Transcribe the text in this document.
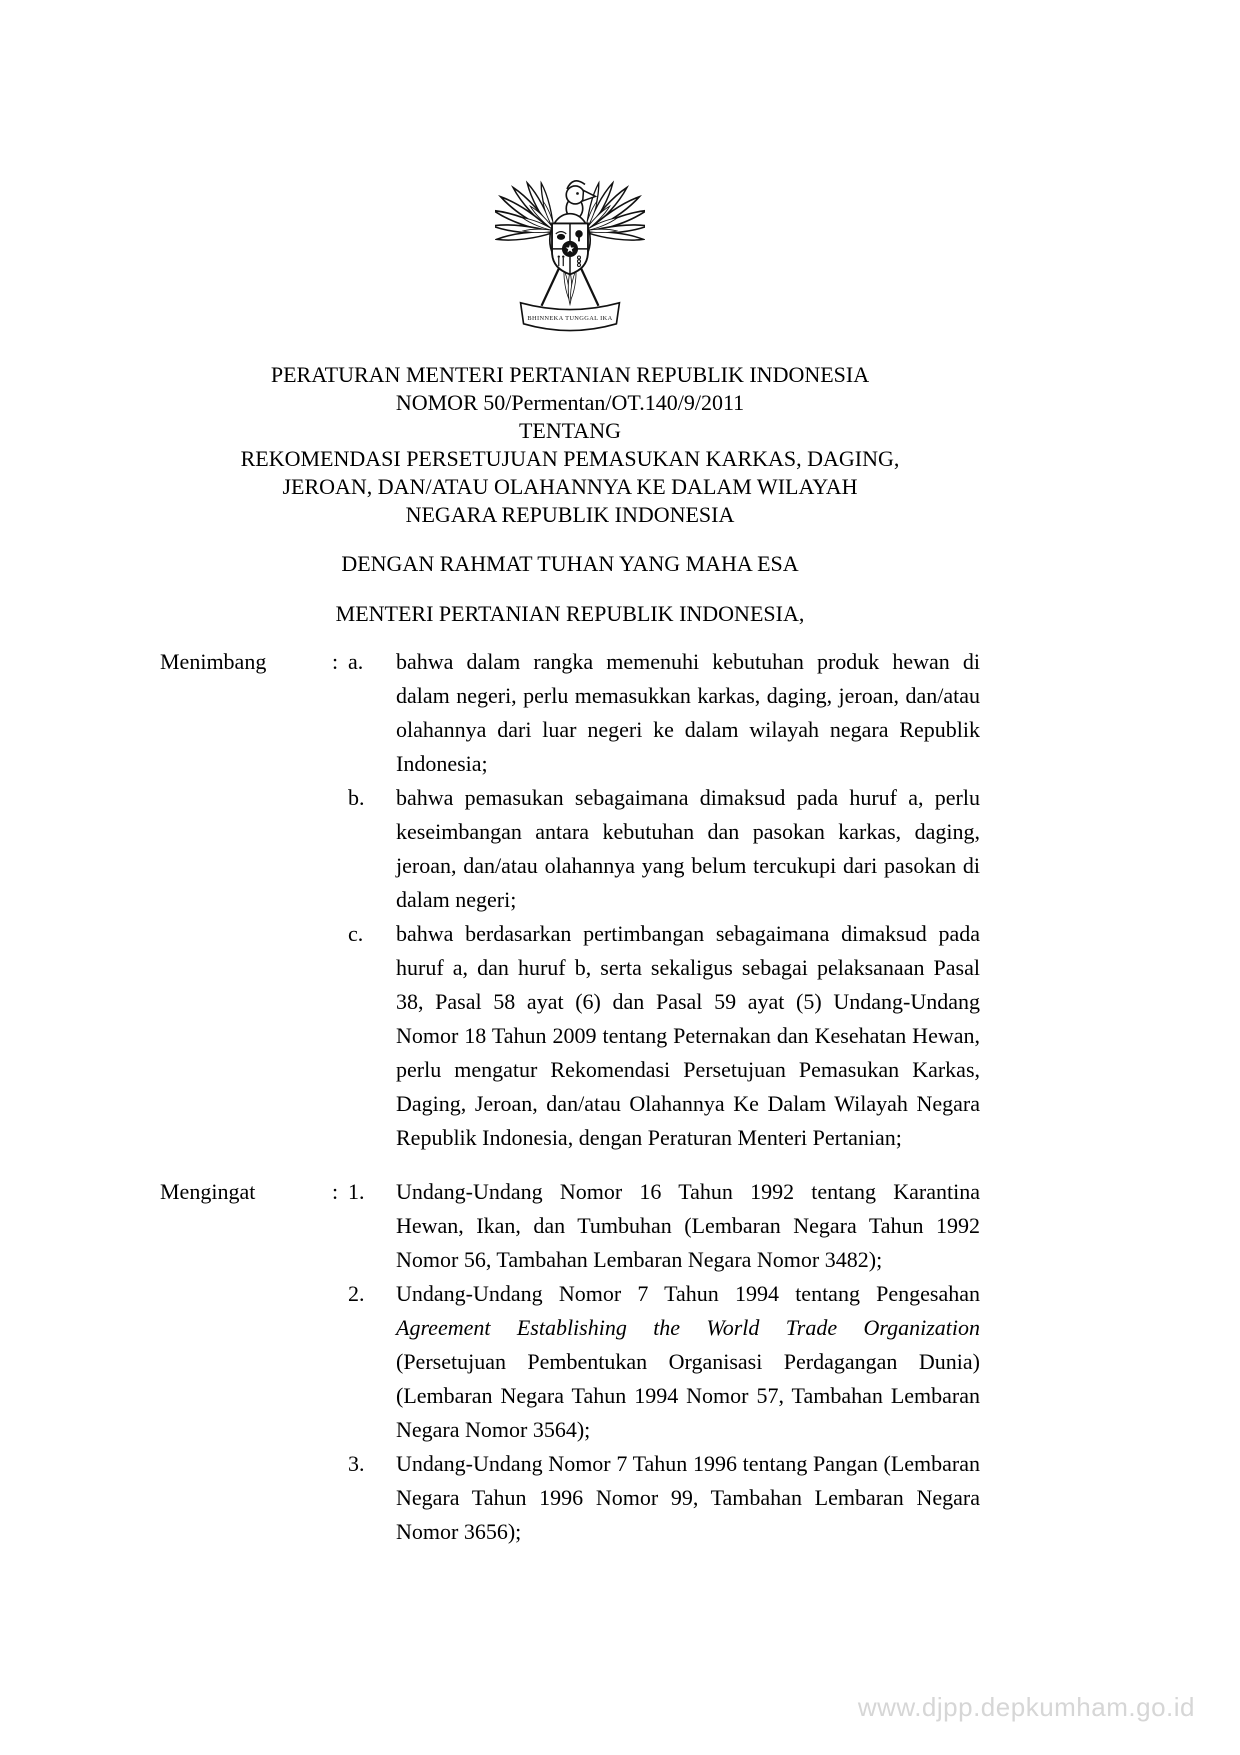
BHINNEKA TUNGGAL IKA
PERATURAN MENTERI PERTANIAN REPUBLIK INDONESIA
NOMOR 50/Permentan/OT.140/9/2011
TENTANG
REKOMENDASI PERSETUJUAN PEMASUKAN KARKAS, DAGING,
JEROAN, DAN/ATAU OLAHANNYA KE DALAM WILAYAH
NEGARA REPUBLIK INDONESIA
DENGAN RAHMAT TUHAN YANG MAHA ESA
MENTERI PERTANIAN REPUBLIK INDONESIA,
Menimbang	: a.	bahwa dalam rangka memenuhi kebutuhan produk hewan di dalam negeri, perlu memasukkan karkas, daging, jeroan, dan/atau olahannya dari luar negeri ke dalam wilayah negara Republik Indonesia;
b.	bahwa pemasukan sebagaimana dimaksud pada huruf a, perlu keseimbangan antara kebutuhan dan pasokan karkas, daging, jeroan, dan/atau olahannya yang belum tercukupi dari pasokan di dalam negeri;
c.	bahwa berdasarkan pertimbangan sebagaimana dimaksud pada huruf a, dan huruf b, serta sekaligus sebagai pelaksanaan Pasal 38, Pasal 58 ayat (6) dan Pasal 59 ayat (5) Undang-Undang Nomor 18 Tahun 2009 tentang Peternakan dan Kesehatan Hewan, perlu mengatur Rekomendasi Persetujuan Pemasukan Karkas, Daging, Jeroan, dan/atau Olahannya Ke Dalam Wilayah Negara Republik Indonesia, dengan Peraturan Menteri Pertanian;
Mengingat	: 1.	Undang-Undang Nomor 16 Tahun 1992 tentang Karantina Hewan, Ikan, dan Tumbuhan (Lembaran Negara Tahun 1992 Nomor 56, Tambahan Lembaran Negara Nomor 3482);
2.	Undang-Undang Nomor 7 Tahun 1994 tentang Pengesahan Agreement Establishing the World Trade Organization (Persetujuan Pembentukan Organisasi Perdagangan Dunia) (Lembaran Negara Tahun 1994 Nomor 57, Tambahan Lembaran Negara Nomor 3564);
3.	Undang-Undang Nomor 7 Tahun 1996 tentang Pangan (Lembaran Negara Tahun 1996 Nomor 99, Tambahan Lembaran Negara Nomor 3656);
www.djpp.depkumham.go.id
